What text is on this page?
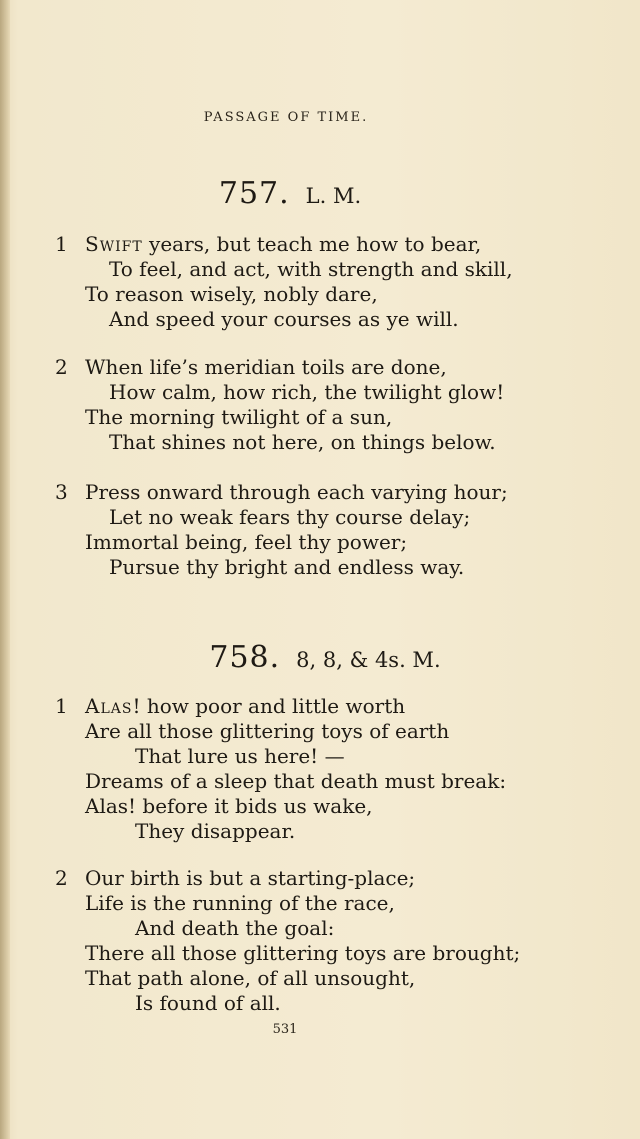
PASSAGE OF TIME.
757. L. M.
1 Swift years, but teach me how to bear,
To feel, and act, with strength and skill,
To reason wisely, nobly dare,
And speed your courses as ye will.
2 When life’s meridian toils are done,
How calm, how rich, the twilight glow!
The morning twilight of a sun,
That shines not here, on things below.
3 Press onward through each varying hour;
Let no weak fears thy course delay;
Immortal being, feel thy power;
Pursue thy bright and endless way.
758. 8, 8, & 4s. M.
1 Alas! how poor and little worth
Are all those glittering toys of earth
That lure us here! —
Dreams of a sleep that death must break:
Alas! before it bids us wake,
They disappear.
2 Our birth is but a starting-place;
Life is the running of the race,
And death the goal:
There all those glittering toys are brought;
That path alone, of all unsought,
Is found of all.
531
